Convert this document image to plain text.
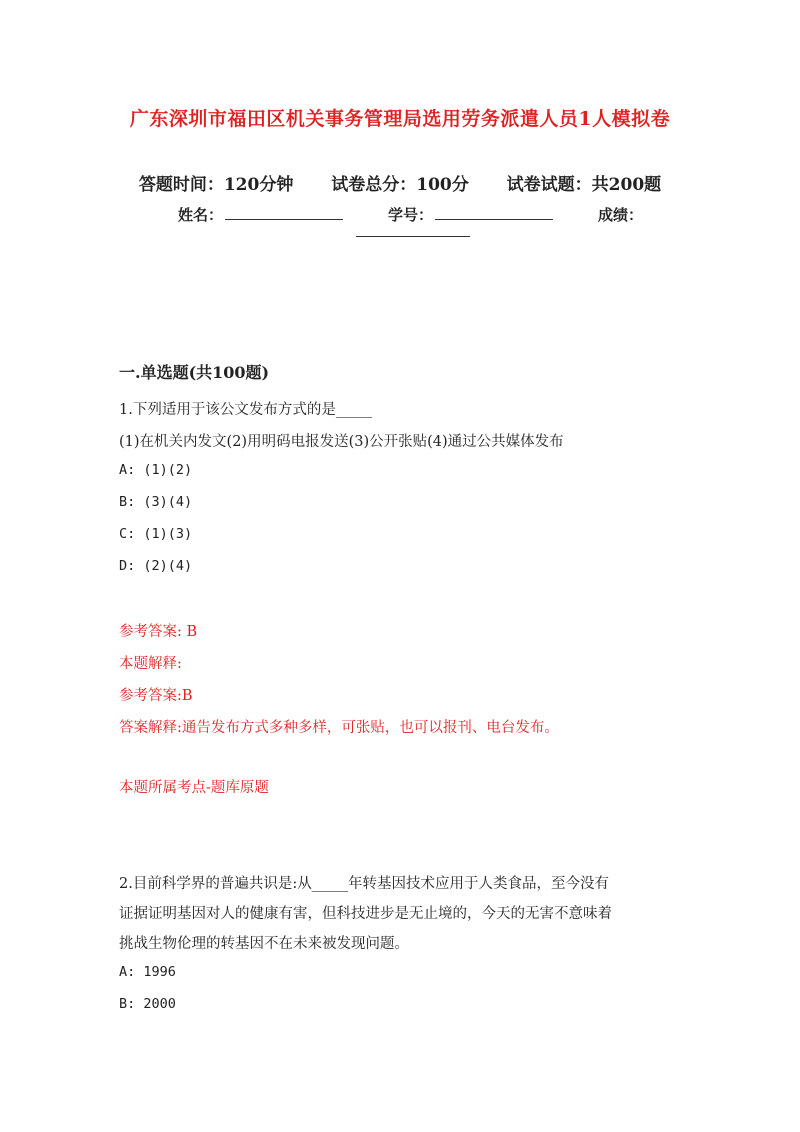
广东深圳市福田区机关事务管理局选用劳务派遣人员1人模拟卷
答题时间：120分钟 试卷总分：100分 试卷试题：共200题
姓名：	学号：	成绩：
一.单选题(共100题)
1.下列适用于该公文发布方式的是_____
(1)在机关内发文(2)用明码电报发送(3)公开张贴(4)通过公共媒体发布
A: (1)(2)
B: (3)(4)
C: (1)(3)
D: (2)(4)
参考答案: B
本题解释:
参考答案:B
答案解释:通告发布方式多种多样，可张贴，也可以报刊、电台发布。
本题所属考点-题库原题
2.目前科学界的普遍共识是:从_____年转基因技术应用于人类食品，至今没有
证据证明基因对人的健康有害，但科技进步是无止境的，今天的无害不意味着
挑战生物伦理的转基因不在未来被发现问题。
A: 1996
B: 2000
